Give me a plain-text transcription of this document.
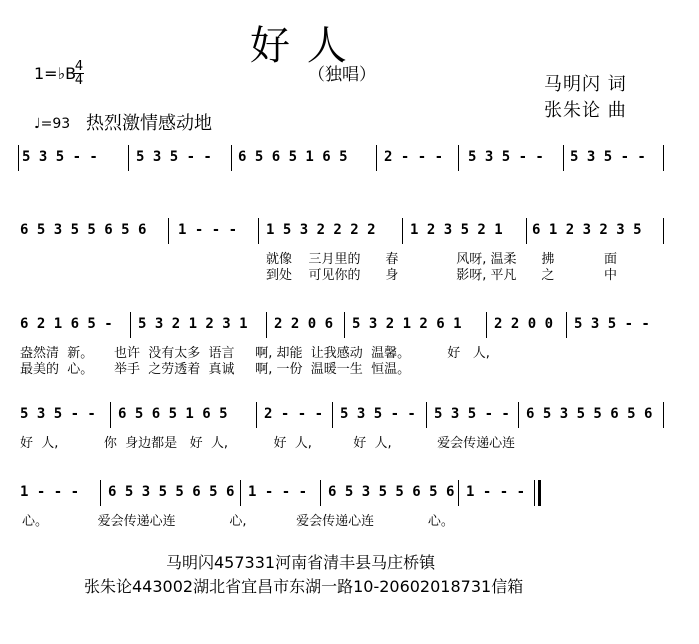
好 人
（独唱）
1=♭B
4
4
♩=93 热烈激情感动地
马明闪 词
张朱论 曲
5 3 5 - -	5 3 5 - - 6 5 6 5 1 6 5	2 - - - 5 3 5 - - 5 3 5 - -
6 5 3 5 5 6 5 6 1 - - - 1 5 3 2 2 2 2 1 2 3 5 2 1 6 1 2 3 2 3 5
就像 三月里的 春	风呀, 温柔 拂	面
到处 可见你的 身	影呀, 平凡 之	中
6 2 1 6 5 - 5 3 2 1 2 3 1 2 2 0 6 5 3 2 1 2 6 1 2 2 0 0 5 3 5 - -
盎然清 新。 也许 没有太多 语言 啊, 却能 让我感动 温馨。	好 人,
最美的 心。 举手 之劳透着 真诚 啊, 一份 温暖一生 恒温。
5 3 5 - - 6 5 6 5 1 6 5	2 - - - 5 3 5 - - 5 3 5 - - 6 5 3 5 5 6 5 6
好 人,	你 身边都是 好 人,	好 人,	好 人,	爱会传递心连
1 - - - 6 5 3 5 5 6 5 6 1 - - - 6 5 3 5 5 6 5 6 1 - - -
心。	爱会传递心连	心,	爱会传递心连	心。
马明闪457331河南省清丰县马庄桥镇
张朱论443002湖北省宜昌市东湖一路10-20602018731信箱
